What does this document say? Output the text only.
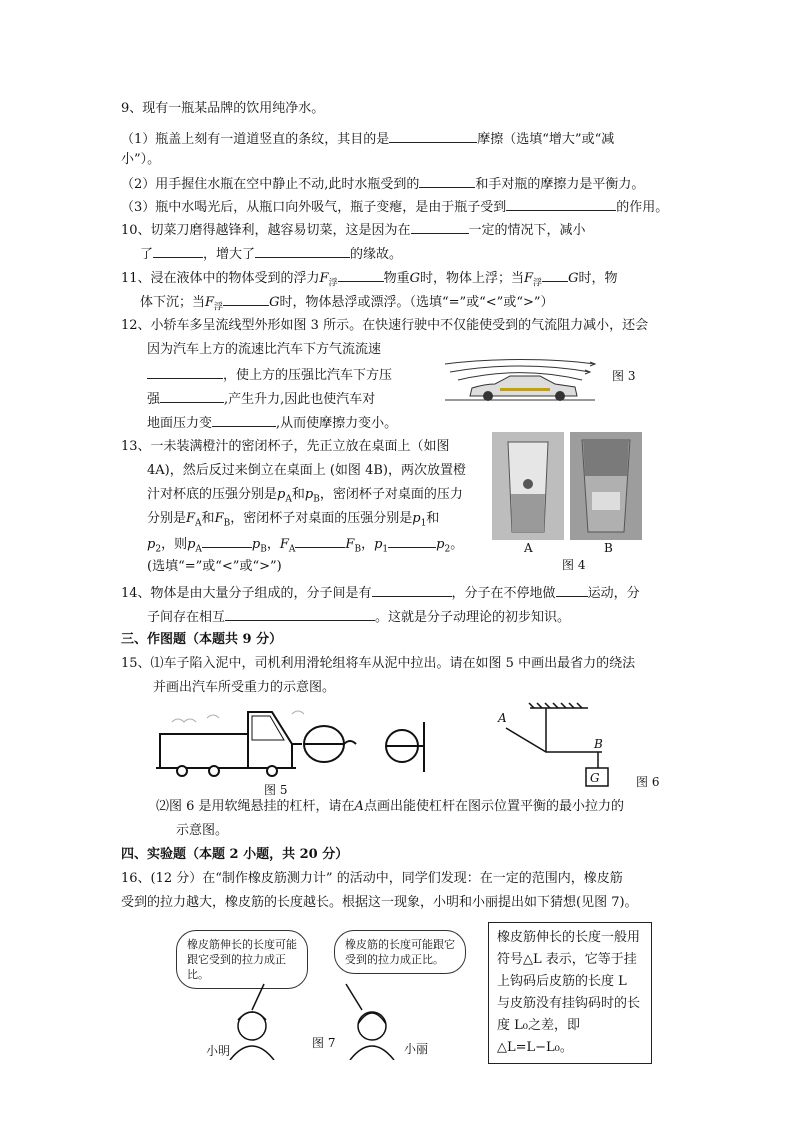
9、现有一瓶某品牌的饮用纯净水。
（1）瓶盖上刻有一道道竖直的条纹，其目的是	摩擦（选填“增大”或“减
小”）。
（2）用手握住水瓶在空中静止不动,此时水瓶受到的	和手对瓶的摩擦力是平衡力。
（3）瓶中水喝光后，从瓶口向外吸气，瓶子变瘪，是由于瓶子受到	的作用。
10、切菜刀磨得越锋利，越容易切菜，这是因为在	一定的情况下，减小
了	，增大了	的缘故。
11、浸在液体中的物体受到的浮力$F_浮$	物重G时，物体上浮；当$F_浮$ G时，物
体下沉；当$F_浮$	G时，物体悬浮或漂浮。（选填“=”或“<”或“>”）
12、小轿车多呈流线型外形如图 3 所示。在快速行驶中不仅能使受到的气流阻力减小，还会
因为汽车上方的流速比汽车下方气流流速
，使上方的压强比汽车下方压
强	,产生升力,因此也使汽车对
地面压力变	,从而使摩擦力变小。
图 3
13、一未装满橙汁的密闭杯子，先正立放在桌面上（如图
4A)，然后反过来倒立在桌面上 (如图 4B)，两次放置橙
汁对杯底的压强分别是$p_A$和$p_B$，密闭杯子对桌面的压力
分别是$F_A$和$F_B$，密闭杯子对桌面的压强分别是$p_1$和
$p_2$，则$p_A$	$p_B$，$F_A$	$F_B$，$p_1$	$p_2$。
(选填“=”或“<”或“>”)
A	B
图 4
14、物体是由大量分子组成的，分子间是有	，分子在不停地做 运动，分
子间存在相互	。这就是分子动理论的初步知识。
三、作图题（本题共 9 分）
15、⑴车子陷入泥中，司机利用滑轮组将车从泥中拉出。请在如图 5 中画出最省力的绕法
并画出汽车所受重力的示意图。
图 5
A
B
G	图 6
⑵图 6 是用软绳悬挂的杠杆，请在A点画出能使杠杆在图示位置平衡的最小拉力的
示意图。
四、实验题（本题 2 小题，共 20 分）
16、(12 分）在“制作橡皮筋测力计” 的活动中，同学们发现：在一定的范围内，橡皮筋
受到的拉力越大，橡皮筋的长度越长。根据这一现象，小明和小丽提出如下猜想(见图 7)。
橡皮筋伸长的长度可能跟它受到的拉力成正比。
橡皮筋的长度可能跟它受到的拉力成正比。
小明	小丽
图 7
橡皮筋伸长的长度一般用符号△L 表示，它等于挂上钩码后皮筋的长度 L 与皮筋没有挂钩码时的长度 L₀之差，即△L=L−L₀。
